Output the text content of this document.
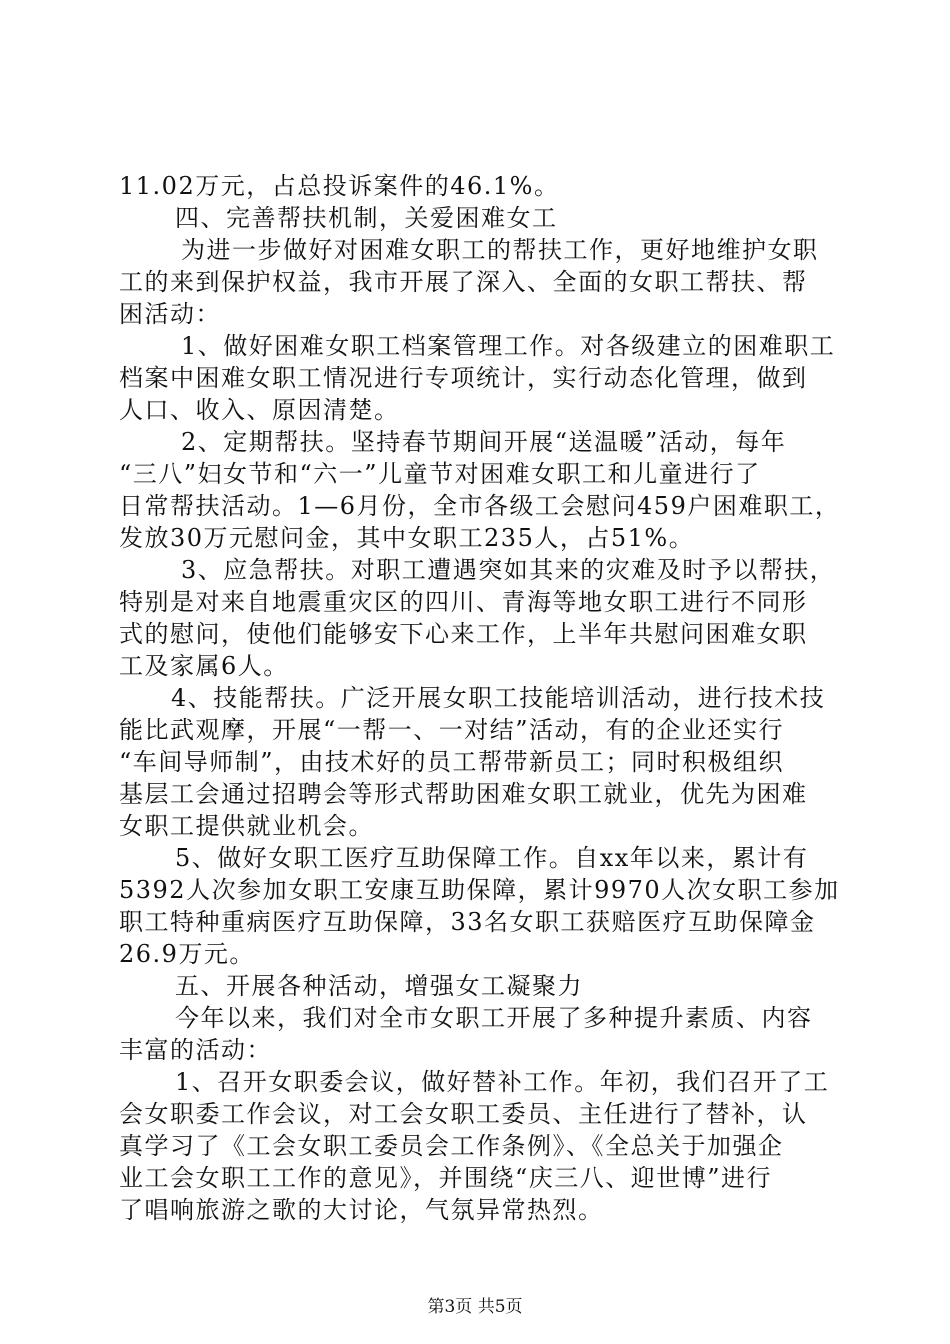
11.02万元，占总投诉案件的46.1%。
四、完善帮扶机制，关爱困难女工
为进一步做好对困难女职工的帮扶工作，更好地维护女职
工的来到保护权益，我市开展了深入、全面的女职工帮扶、帮
困活动：
1、做好困难女职工档案管理工作。对各级建立的困难职工
档案中困难女职工情况进行专项统计，实行动态化管理，做到
人口、收入、原因清楚。
2、定期帮扶。坚持春节期间开展“送温暖”活动，每年
“三八”妇女节和“六一”儿童节对困难女职工和儿童进行了
日常帮扶活动。1—6月份，全市各级工会慰问459户困难职工，
发放30万元慰问金，其中女职工235人，占51%。
3、应急帮扶。对职工遭遇突如其来的灾难及时予以帮扶，
特别是对来自地震重灾区的四川、青海等地女职工进行不同形
式的慰问，使他们能够安下心来工作，上半年共慰问困难女职
工及家属6人。
4、技能帮扶。广泛开展女职工技能培训活动，进行技术技
能比武观摩，开展“一帮一、一对结”活动，有的企业还实行
“车间导师制”，由技术好的员工帮带新员工；同时积极组织
基层工会通过招聘会等形式帮助困难女职工就业，优先为困难
女职工提供就业机会。
5、做好女职工医疗互助保障工作。自xx年以来，累计有
5392人次参加女职工安康互助保障，累计9970人次女职工参加
职工特种重病医疗互助保障，33名女职工获赔医疗互助保障金
26.9万元。
五、开展各种活动，增强女工凝聚力
今年以来，我们对全市女职工开展了多种提升素质、内容
丰富的活动：
1、召开女职委会议，做好替补工作。年初，我们召开了工
会女职委工作会议，对工会女职工委员、主任进行了替补，认
真学习了《工会女职工委员会工作条例》、《全总关于加强企
业工会女职工工作的意见》，并围绕“庆三八、迎世博”进行
了唱响旅游之歌的大讨论，气氛异常热烈。
第3页 共5页
